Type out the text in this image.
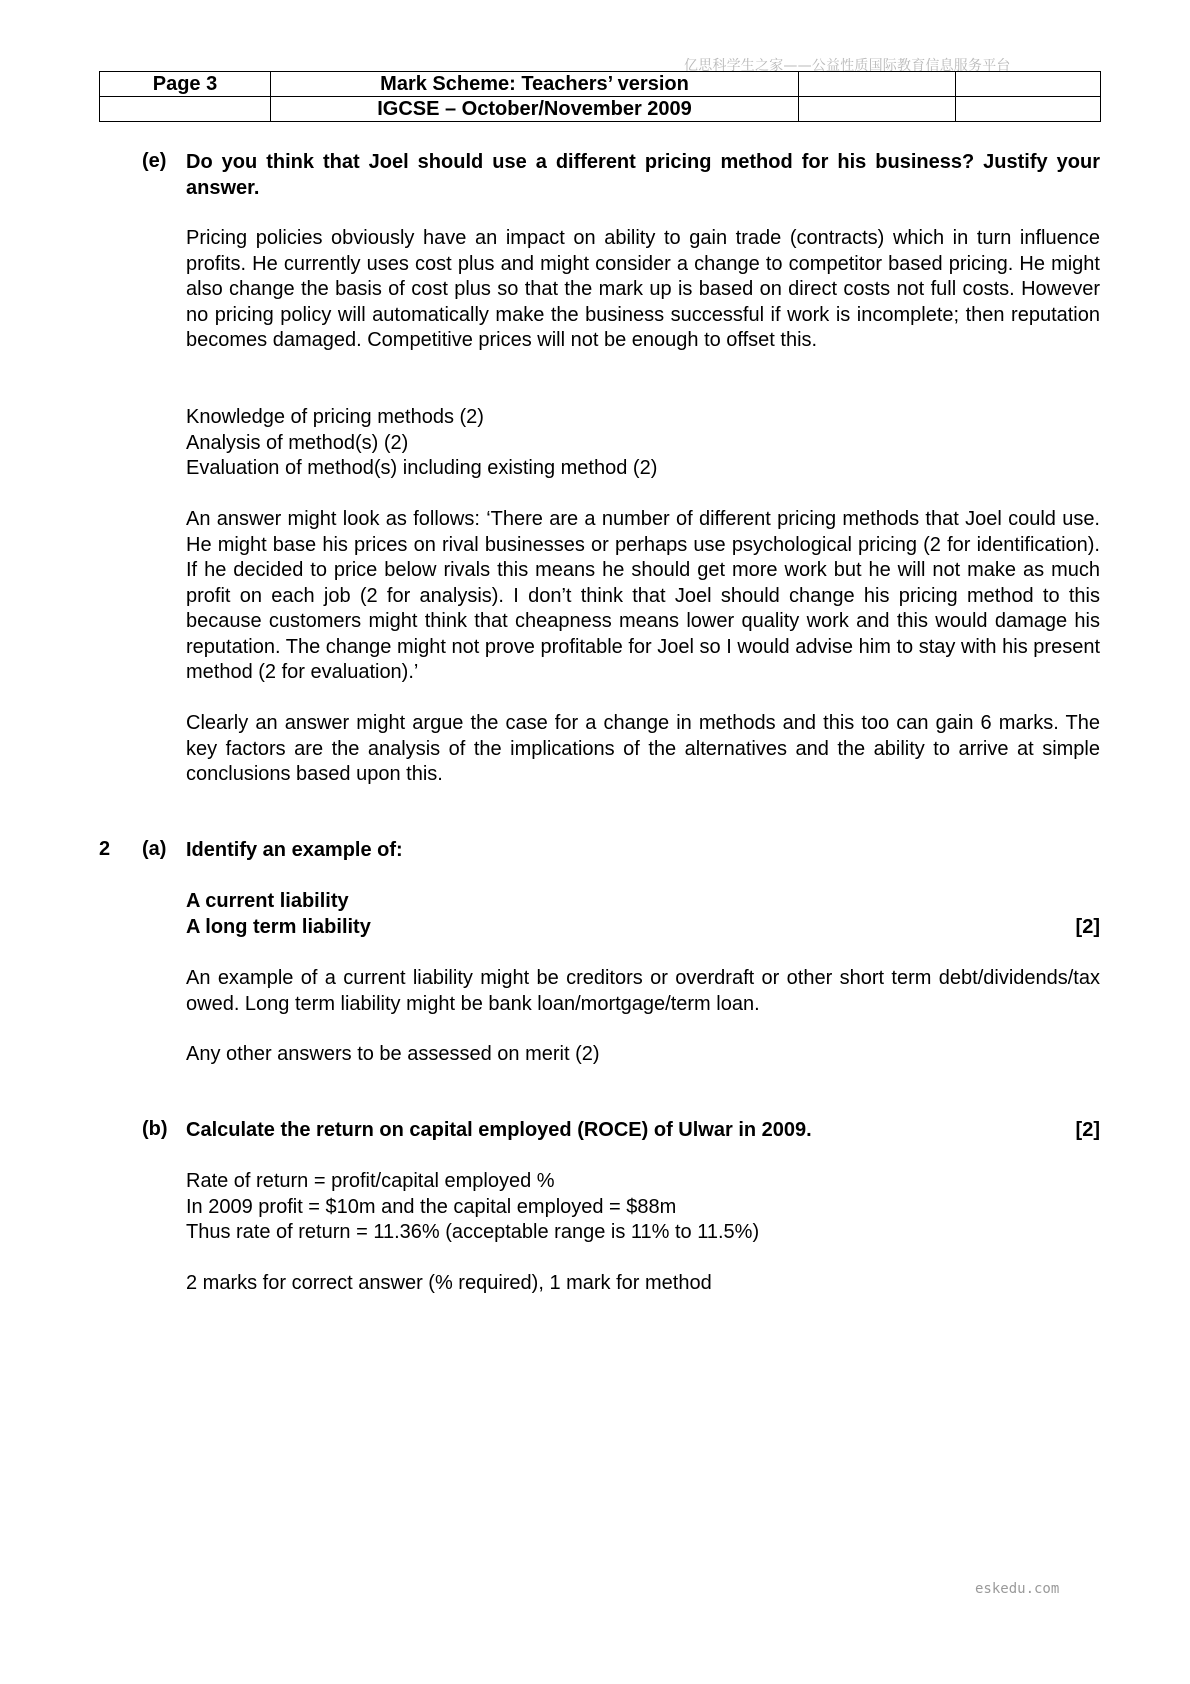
亿思科学生之家——公益性质国际教育信息服务平台
Page 3	Mark Scheme: Teachers’ version		
	IGCSE – October/November 2009		
(e) Do you think that Joel should use a different pricing method for his business? Justify your answer.
Pricing policies obviously have an impact on ability to gain trade (contracts) which in turn influence profits. He currently uses cost plus and might consider a change to competitor based pricing. He might also change the basis of cost plus so that the mark up is based on direct costs not full costs. However no pricing policy will automatically make the business successful if work is incomplete; then reputation becomes damaged. Competitive prices will not be enough to offset this.
Knowledge of pricing methods (2)
Analysis of method(s) (2)
Evaluation of method(s) including existing method (2)
An answer might look as follows: ‘There are a number of different pricing methods that Joel could use. He might base his prices on rival businesses or perhaps use psychological pricing (2 for identification). If he decided to price below rivals this means he should get more work but he will not make as much profit on each job (2 for analysis). I don’t think that Joel should change his pricing method to this because customers might think that cheapness means lower quality work and this would damage his reputation. The change might not prove profitable for Joel so I would advise him to stay with his present method (2 for evaluation).’
Clearly an answer might argue the case for a change in methods and this too can gain 6 marks. The key factors are the analysis of the implications of the alternatives and the ability to arrive at simple conclusions based upon this.
2 (a) Identify an example of:
A current liability
A long term liability	[2]
An example of a current liability might be creditors or overdraft or other short term debt/dividends/tax owed. Long term liability might be bank loan/mortgage/term loan.
Any other answers to be assessed on merit (2)
(b) Calculate the return on capital employed (ROCE) of Ulwar in 2009.	[2]
Rate of return = profit/capital employed %
In 2009 profit = $10m and the capital employed = $88m
Thus rate of return = 11.36% (acceptable range is 11% to 11.5%)
2 marks for correct answer (% required), 1 mark for method
eskedu.com
